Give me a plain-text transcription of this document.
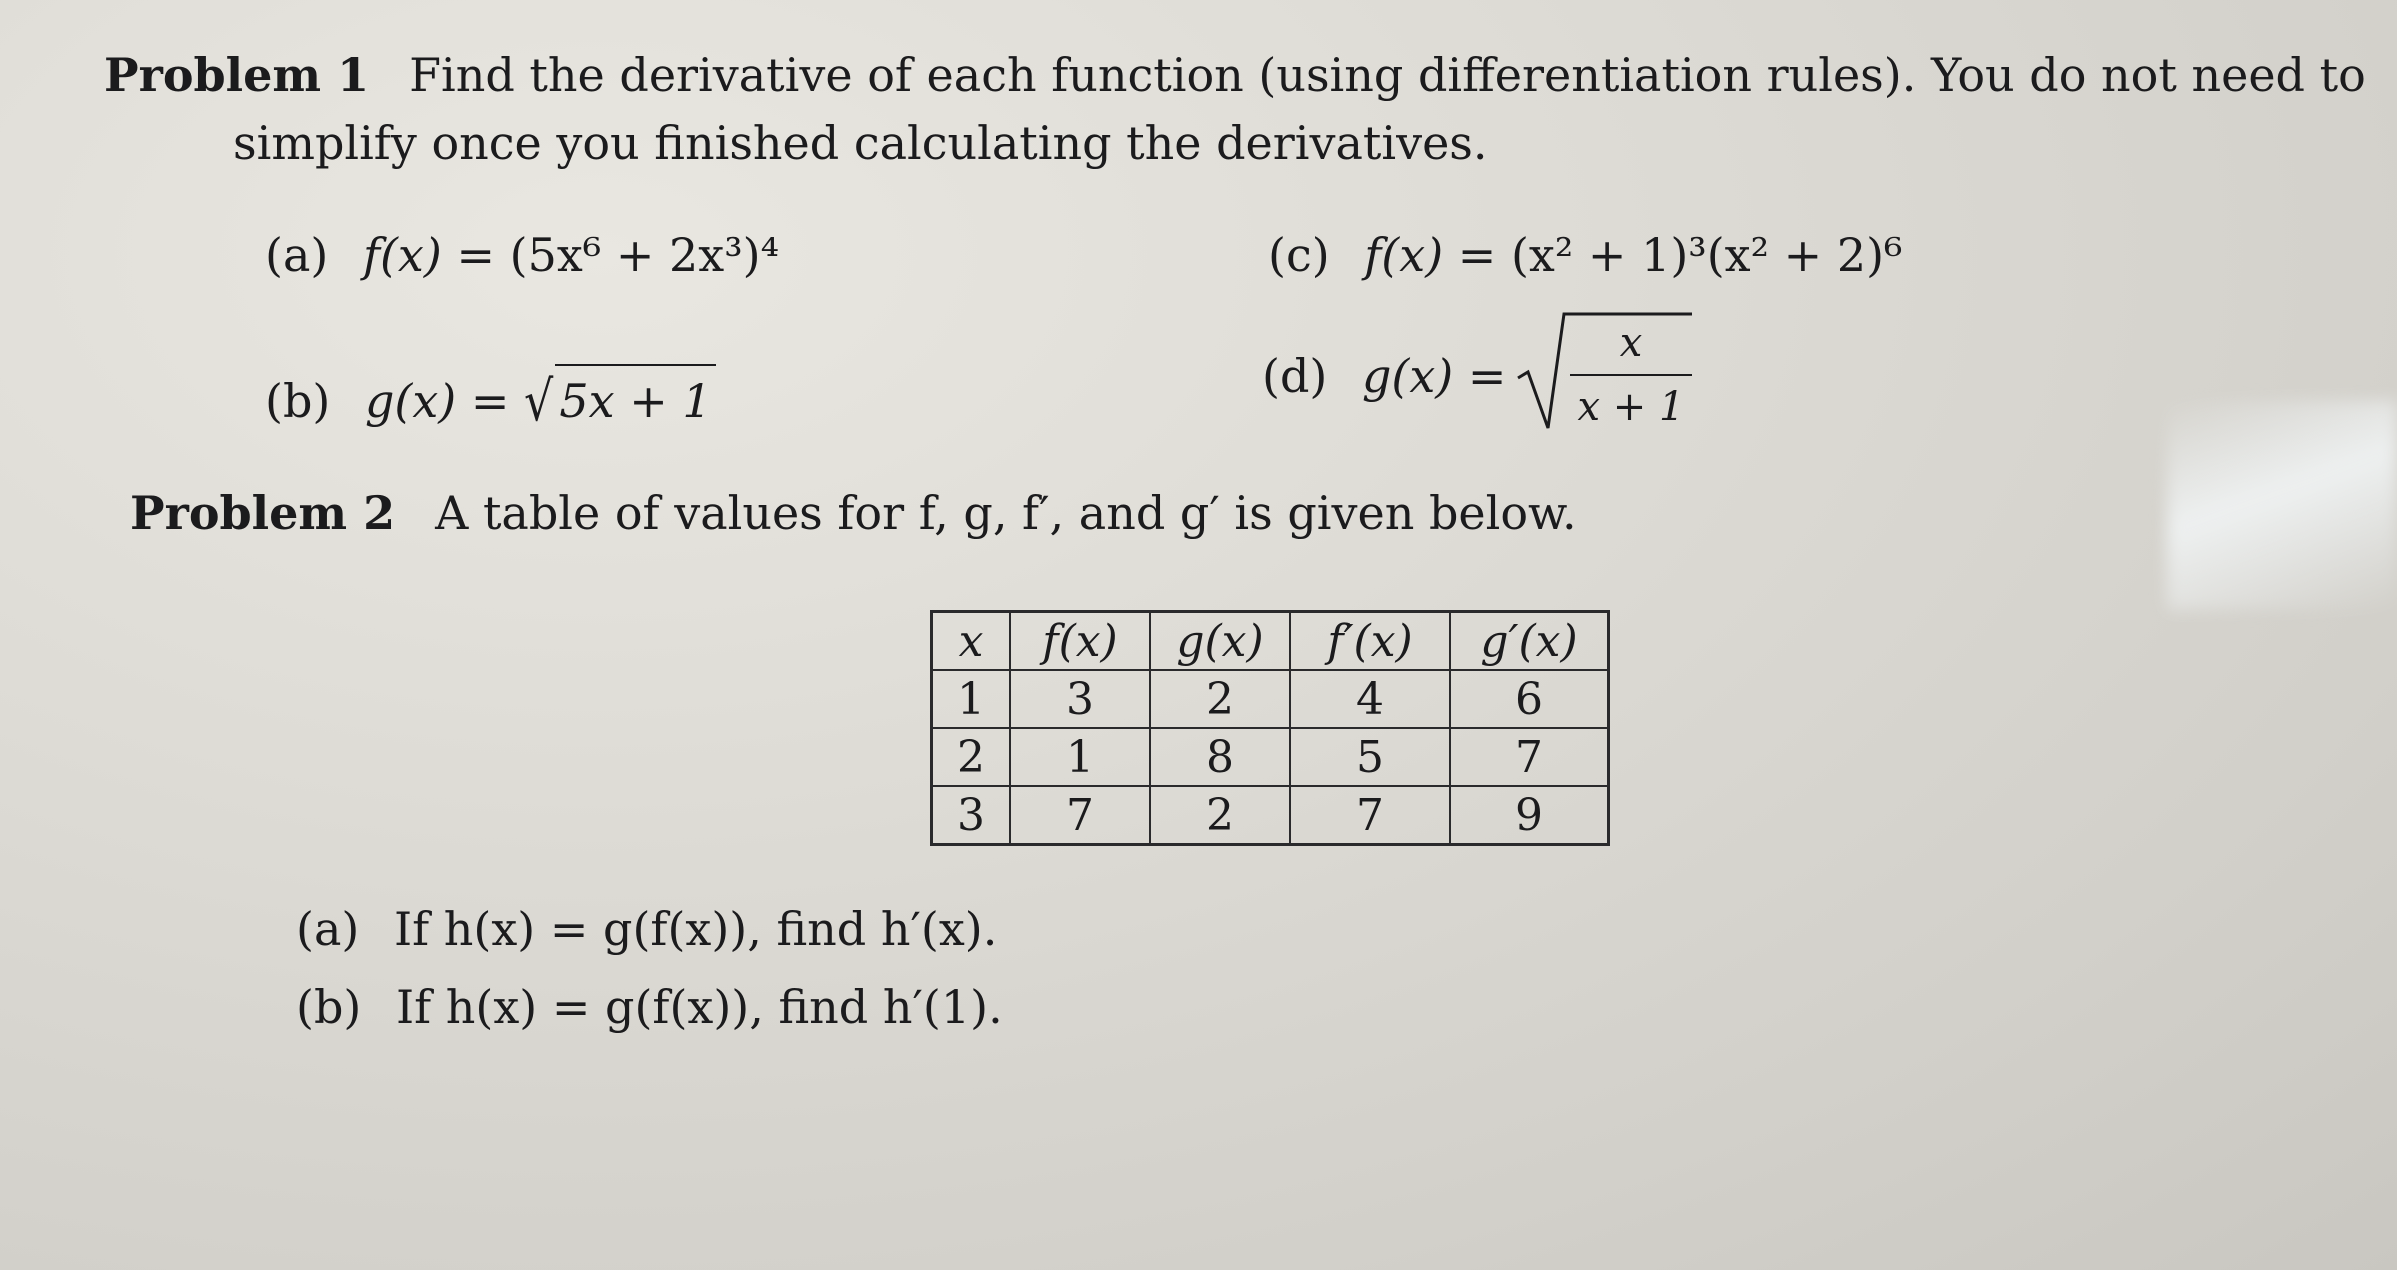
Problem 1 Find the derivative of each function (using differentiation rules). You do not need to
simplify once you finished calculating the derivatives.
(a) f(x) = (5x⁶ + 2x³)⁴	(c) f(x) = (x² + 1)³(x² + 2)⁶
(b) g(x) = √ 5x + 1	(d) g(x) =
x
x + 1
Problem 2 A table of values for f, g, f′, and g′ is given below.
x	f(x)	g(x)	f′(x)	g′(x)
1	3	2	4	6
2	1	8	5	7
3	7	2	7	9
(a) If h(x) = g(f(x)), find h′(x).
(b) If h(x) = g(f(x)), find h′(1).
